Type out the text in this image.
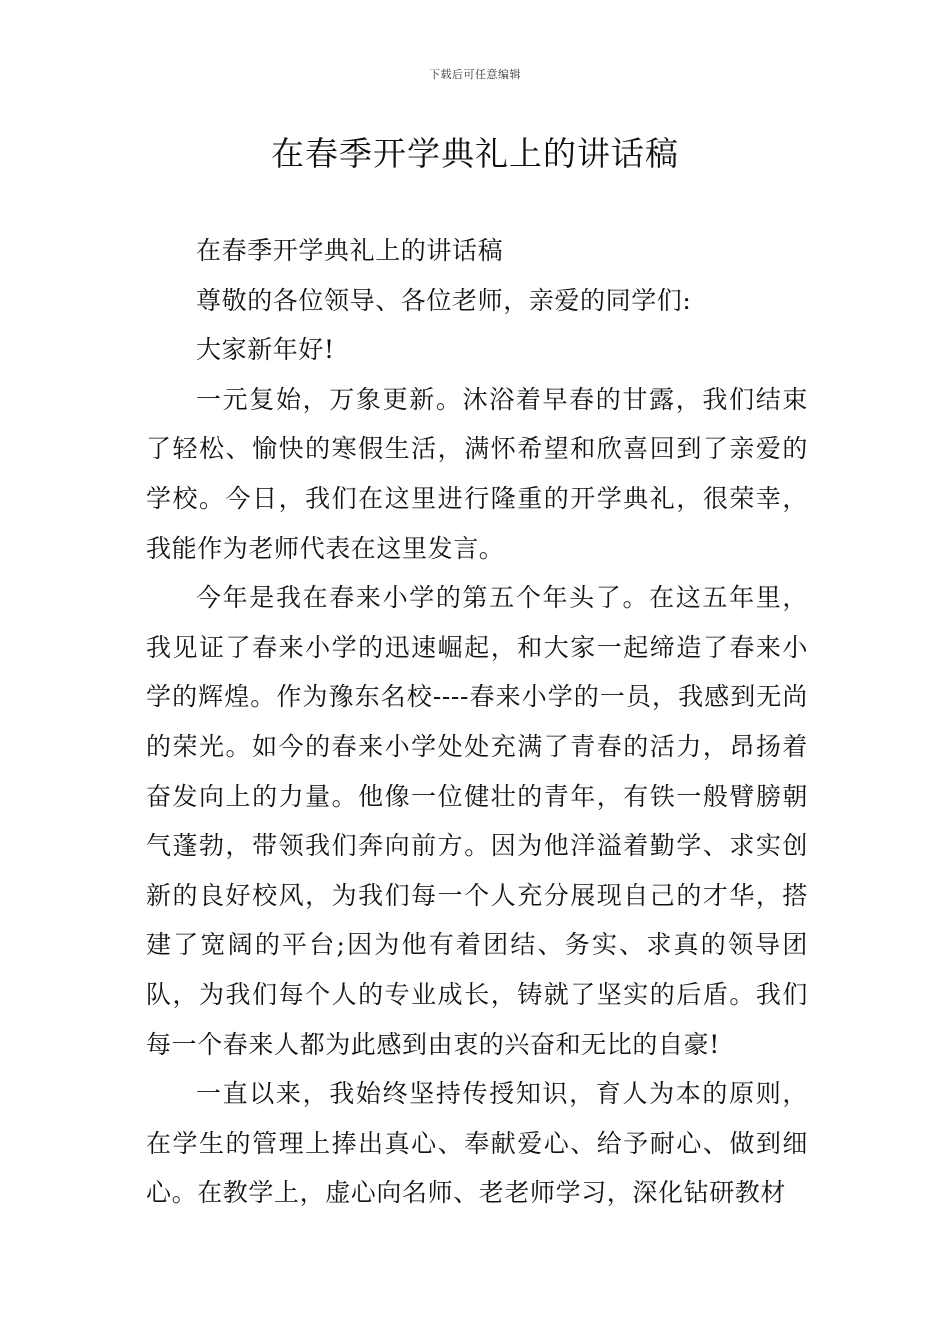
下载后可任意编辑
在春季开学典礼上的讲话稿

在春季开学典礼上的讲话稿

尊敬的各位领导、各位老师，亲爱的同学们:

大家新年好!

一元复始，万象更新。沐浴着早春的甘露，我们结束了轻松、愉快的寒假生活，满怀希望和欣喜回到了亲爱的学校。今日，我们在这里进行隆重的开学典礼，很荣幸，我能作为老师代表在这里发言。

今年是我在春来小学的第五个年头了。在这五年里，我见证了春来小学的迅速崛起，和大家一起缔造了春来小学的辉煌。作为豫东名校----春来小学的一员，我感到无尚的荣光。如今的春来小学处处充满了青春的活力，昂扬着奋发向上的力量。他像一位健壮的青年，有铁一般臂膀朝气蓬勃，带领我们奔向前方。因为他洋溢着勤学、求实创新的良好校风，为我们每一个人充分展现自己的才华，搭建了宽阔的平台;因为他有着团结、务实、求真的领导团队，为我们每个人的专业成长，铸就了坚实的后盾。我们每一个春来人都为此感到由衷的兴奋和无比的自豪!

一直以来，我始终坚持传授知识，育人为本的原则，在学生的管理上捧出真心、奉献爱心、给予耐心、做到细心。在教学上，虚心向名师、老老师学习，深化钻研教材
